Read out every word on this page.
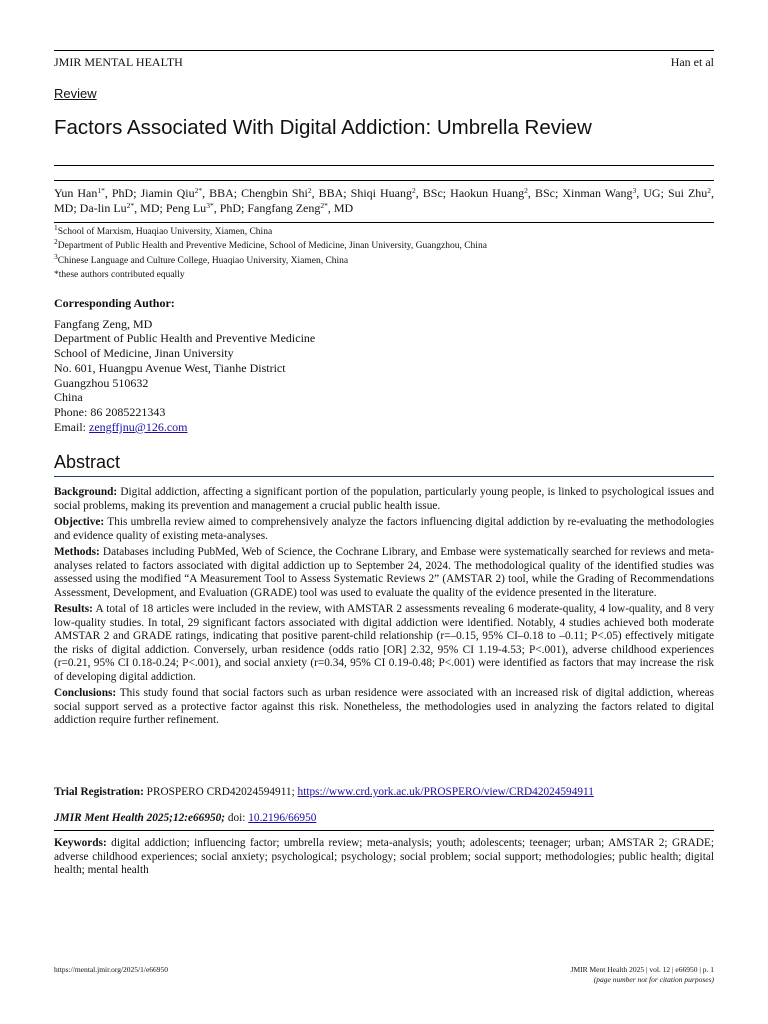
JMIR MENTAL HEALTH	Han et al
Review
Factors Associated With Digital Addiction: Umbrella Review
Yun Han$^{1*}$, PhD; Jiamin Qiu$^{2*}$, BBA; Chengbin Shi$^2$, BBA; Shiqi Huang$^2$, BSc; Haokun Huang$^2$, BSc; Xinman Wang$^3$, UG; Sui Zhu$^2$, MD; Da-lin $Lu^{2*}$, MD; Peng $Lu^{3*}$, PhD; Fangfang Zeng$^{2*}$, MD
$^1$School of Marxism, Huaqiao University, Xiamen, China
$^2$Department of Public Health and Preventive Medicine, School of Medicine, Jinan University, Guangzhou, China
$^3$Chinese Language and Culture College, Huaqiao University, Xiamen, China
*these authors contributed equally
Corresponding Author:
Fangfang Zeng, MD
Department of Public Health and Preventive Medicine
School of Medicine, Jinan University
No. 601, Huangpu Avenue West, Tianhe District
Guangzhou 510632
China
Phone: 86 2085221343
Email: zengffjnu@126.com
Abstract

Background: Digital addiction, affecting a significant portion of the population, particularly young people, is linked to psychological issues and social problems, making its prevention and management a crucial public health issue.

Objective: This umbrella review aimed to comprehensively analyze the factors influencing digital addiction by re-evaluating the methodologies and evidence quality of existing meta-analyses.

Methods: Databases including PubMed, Web of Science, the Cochrane Library, and Embase were systematically searched for reviews and meta-analyses related to factors associated with digital addiction up to September 24, 2024. The methodological quality of the identified studies was assessed using the modified “A Measurement Tool to Assess Systematic Reviews 2” (AMSTAR 2) tool, while the Grading of Recommendations Assessment, Development, and Evaluation (GRADE) tool was used to evaluate the quality of the evidence presented in the literature.

Results: A total of 18 articles were included in the review, with AMSTAR 2 assessments revealing 6 moderate-quality, 4 low-quality, and 8 very low-quality studies. In total, 29 significant factors associated with digital addiction were identified. Notably, 4 studies achieved both moderate AMSTAR 2 and GRADE ratings, indicating that positive parent-child relationship (r=–0.15, 95% CI–0.18 to –0.11; P<.05) effectively mitigate the risks of digital addiction. Conversely, urban residence (odds ratio [OR] 2.32, 95% CI 1.19-4.53; P<.001), adverse childhood experiences (r=0.21, 95% CI 0.18-0.24; P<.001), and social anxiety (r=0.34, 95% CI 0.19-0.48; P<.001) were identified as factors that may increase the risk of developing digital addiction.

Conclusions: This study found that social factors such as urban residence were associated with an increased risk of digital addiction, whereas social support served as a protective factor against this risk. Nonetheless, the methodologies used in analyzing the factors related to digital addiction require further refinement.

Trial Registration: PROSPERO CRD42024594911; https://www.crd.york.ac.uk/PROSPERO/view/CRD42024594911
JMIR Ment Health 2025;12:e66950; doi: 10.2196/66950
Keywords: digital addiction; influencing factor; umbrella review; meta-analysis; youth; adolescents; teenager; urban; AMSTAR 2; GRADE; adverse childhood experiences; social anxiety; psychological; psychology; social problem; social support; methodologies; public health; digital health; mental health
https://mental.jmir.org/2025/1/e66950	JMIR Ment Health 2025 | vol. 12 | e66950 | p. 1
(page number not for citation purposes)
